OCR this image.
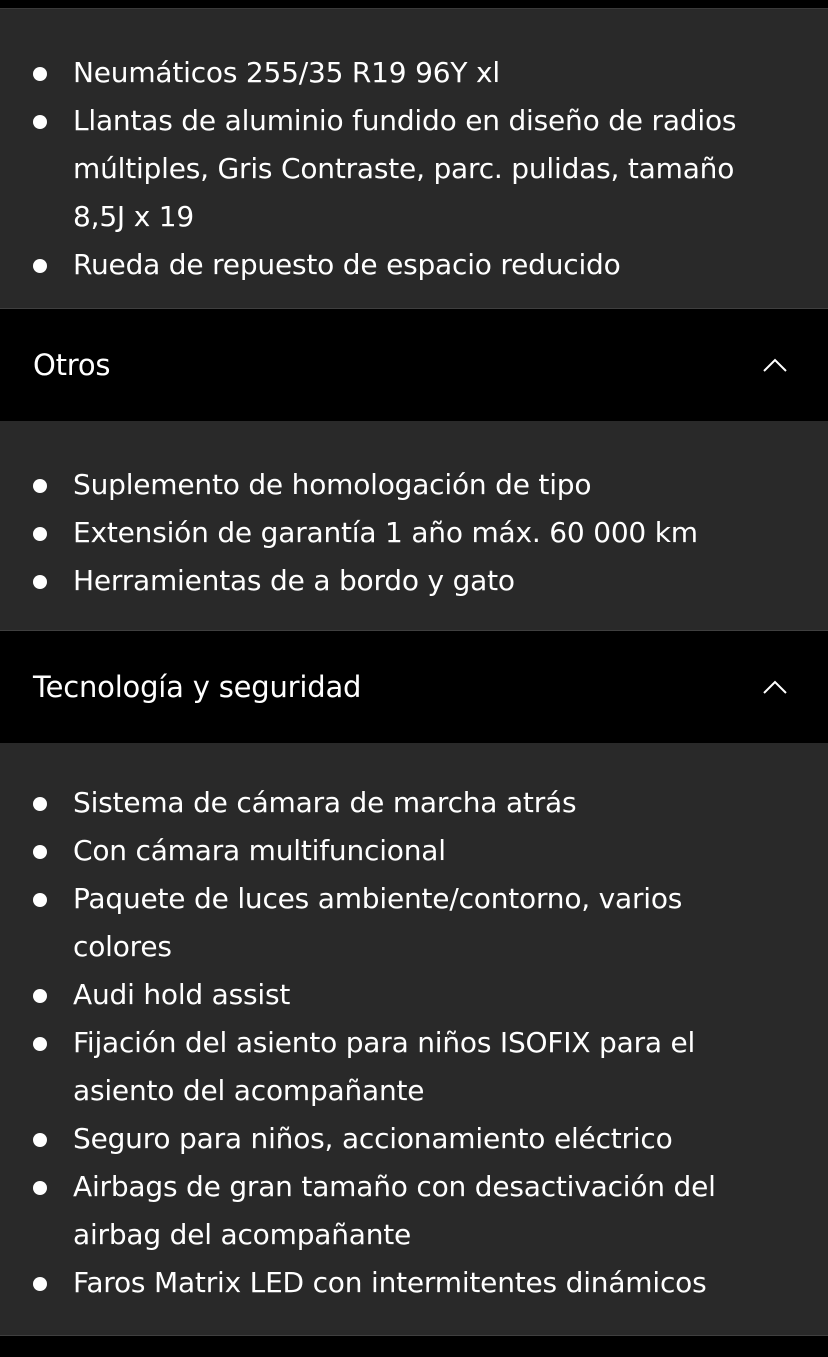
Neumáticos 255/35 R19 96Y xl
Llantas de aluminio fundido en diseño de radios múltiples, Gris Contraste, parc. pulidas, tamaño 8,5J x 19
Rueda de repuesto de espacio reducido
Otros
Suplemento de homologación de tipo
Extensión de garantía 1 año máx. 60 000 km
Herramientas de a bordo y gato
Tecnología y seguridad
Sistema de cámara de marcha atrás
Con cámara multifuncional
Paquete de luces ambiente/contorno, varios colores
Audi hold assist
Fijación del asiento para niños ISOFIX para el asiento del acompañante
Seguro para niños, accionamiento eléctrico
Airbags de gran tamaño con desactivación del airbag del acompañante
Faros Matrix LED con intermitentes dinámicos
